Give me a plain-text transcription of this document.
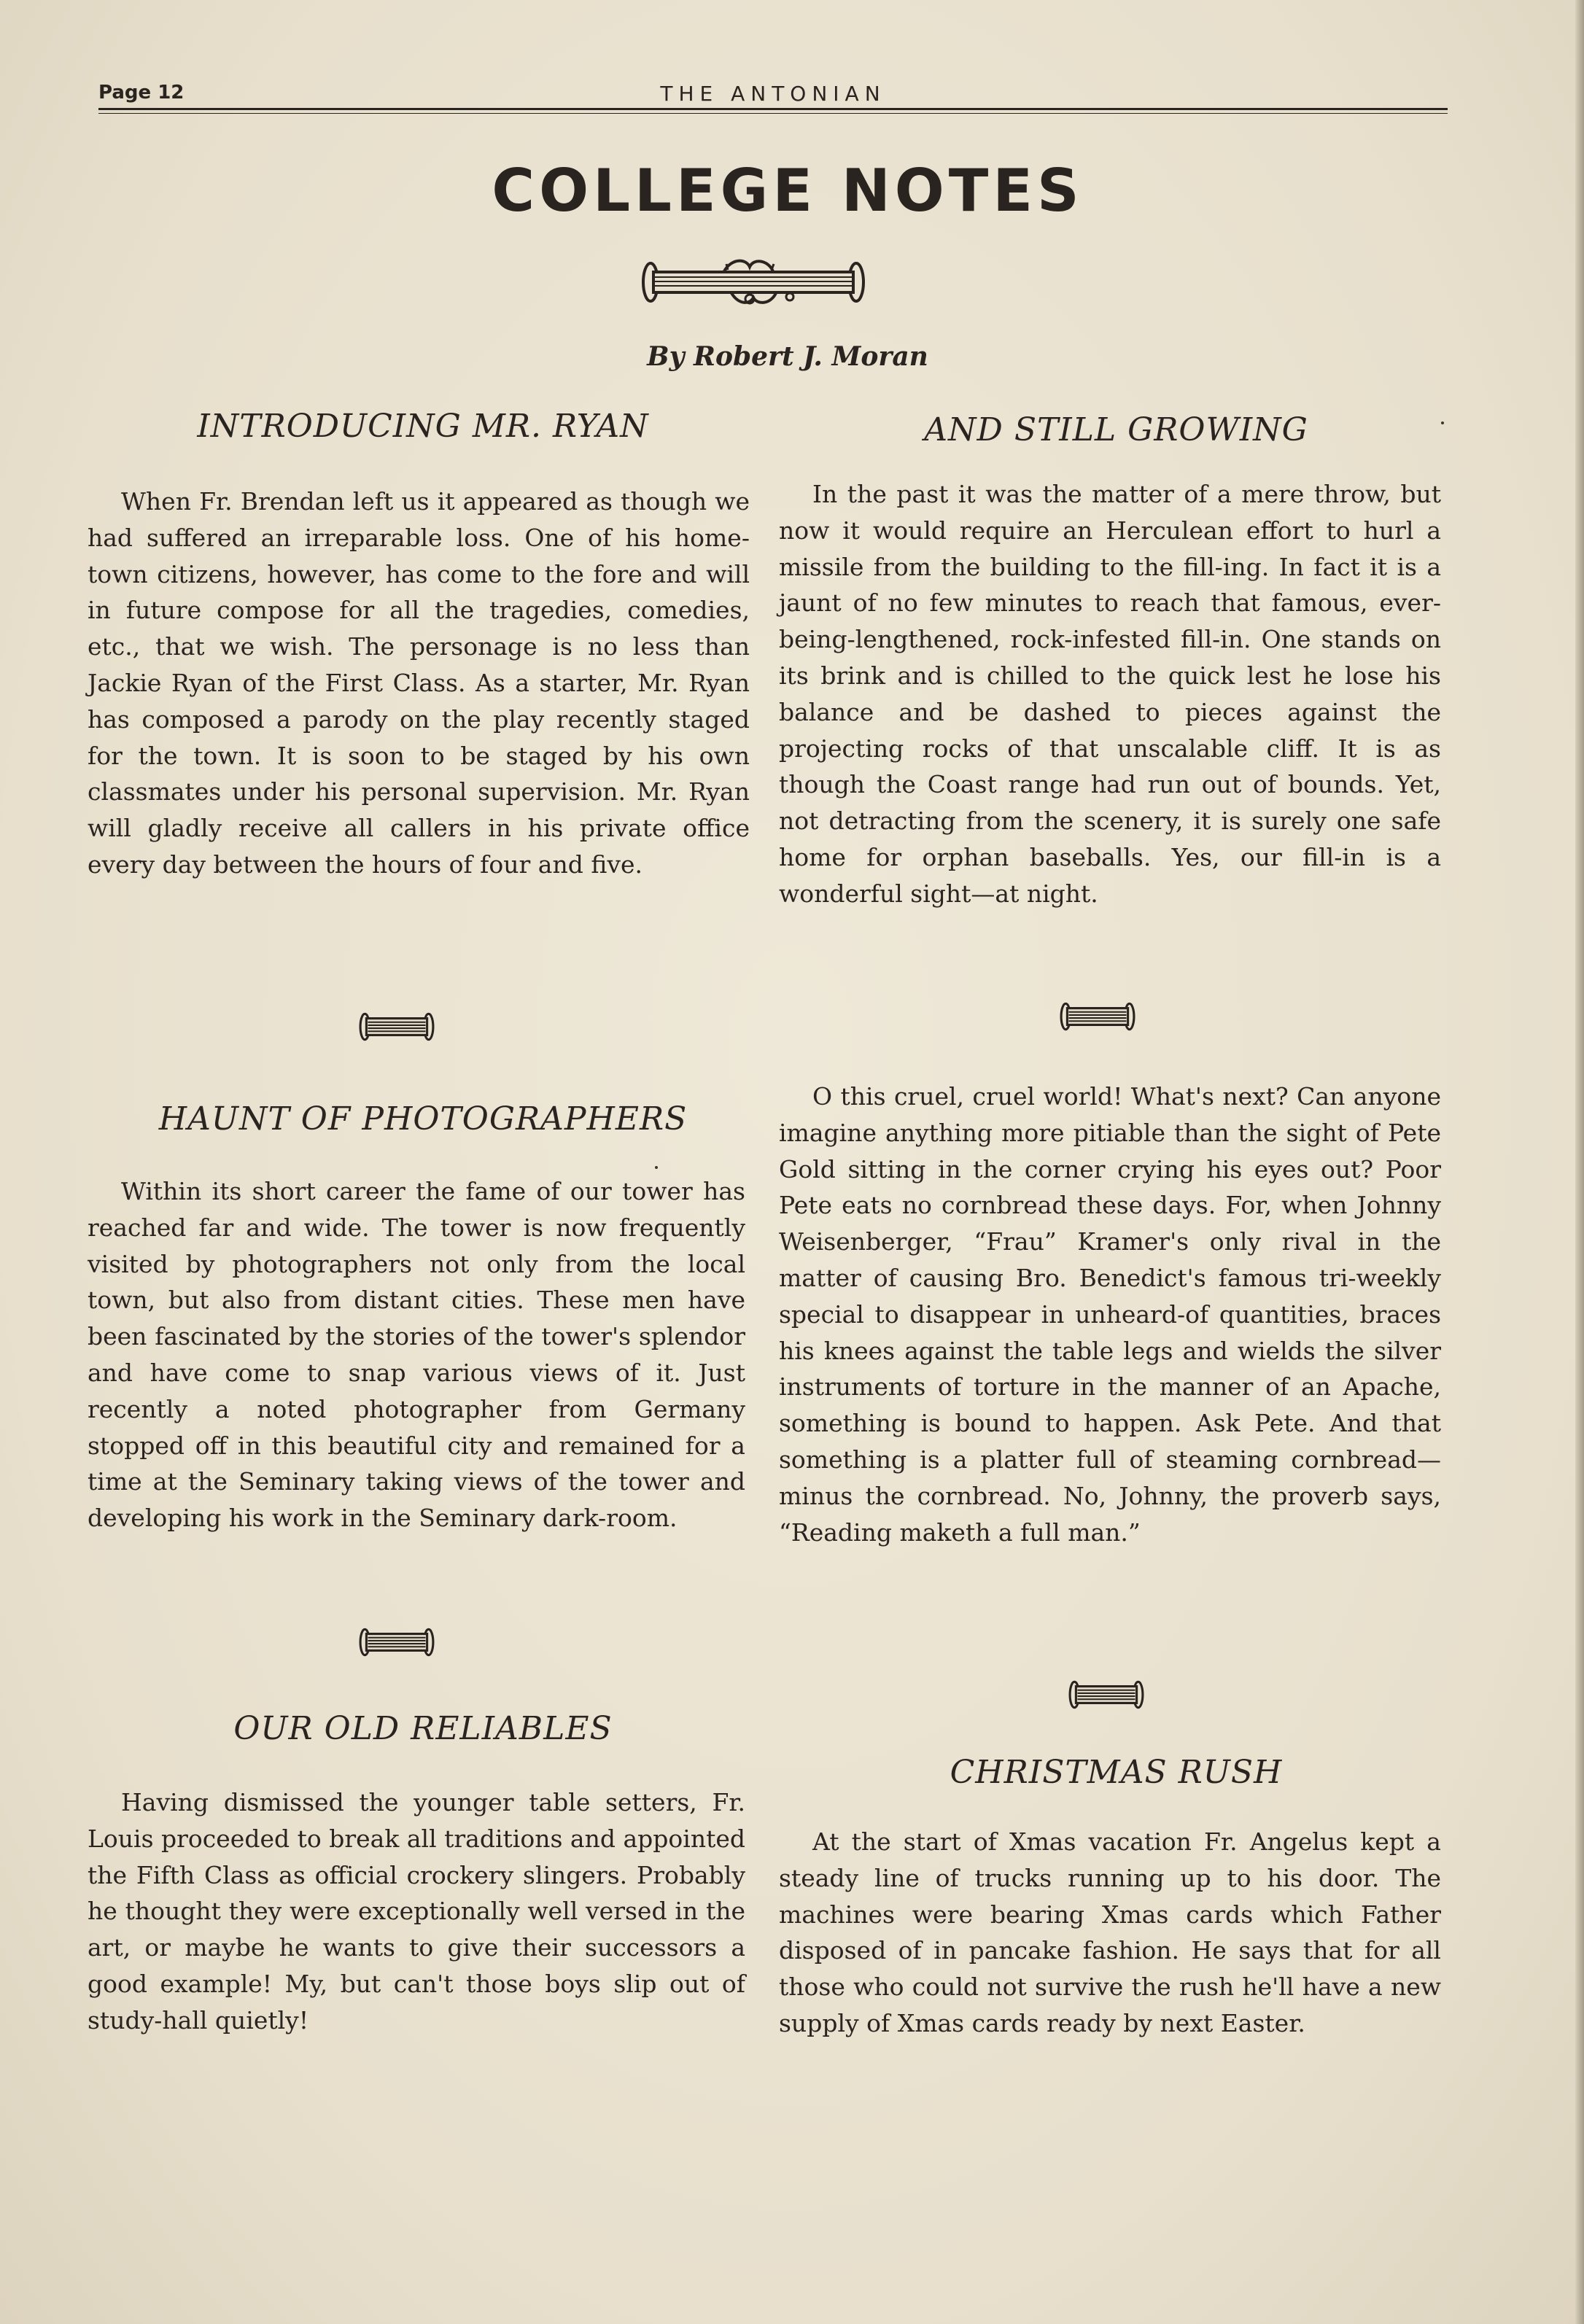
Page 12	THE ANTONIAN
COLLEGE NOTES
By Robert J. Moran
INTRODUCING MR. RYAN

When Fr. Brendan left us it appeared as though we had suffered an irreparable loss. One of his home-town citizens, however, has come to the fore and will in future compose for all the tragedies, comedies, etc., that we wish. The personage is no less than Jackie Ryan of the First Class. As a starter, Mr. Ryan has composed a parody on the play recently staged for the town. It is soon to be staged by his own classmates under his personal supervision. Mr. Ryan will gladly receive all callers in his private office every day between the hours of four and five.

HAUNT OF PHOTOGRAPHERS

Within its short career the fame of our tower has reached far and wide. The tower is now frequently visited by photographers not only from the local town, but also from distant cities. These men have been fascinated by the stories of the tower's splendor and have come to snap various views of it. Just recently a noted photographer from Germany stopped off in this beautiful city and remained for a time at the Seminary taking views of the tower and developing his work in the Seminary dark-room.

OUR OLD RELIABLES

Having dismissed the younger table setters, Fr. Louis proceeded to break all traditions and appointed the Fifth Class as official crockery slingers. Probably he thought they were exceptionally well versed in the art, or maybe he wants to give their successors a good example! My, but can't those boys slip out of study-hall quietly!

AND STILL GROWING

In the past it was the matter of a mere throw, but now it would require an Herculean effort to hurl a missile from the building to the fill-ing. In fact it is a jaunt of no few minutes to reach that famous, ever-being-lengthened, rock-infested fill-in. One stands on its brink and is chilled to the quick lest he lose his balance and be dashed to pieces against the projecting rocks of that unscalable cliff. It is as though the Coast range had run out of bounds. Yet, not detracting from the scenery, it is surely one safe home for orphan baseballs. Yes, our fill-in is a wonderful sight—at night.

O this cruel, cruel world! What's next? Can anyone imagine anything more pitiable than the sight of Pete Gold sitting in the corner crying his eyes out? Poor Pete eats no cornbread these days. For, when Johnny Weisenberger, “Frau” Kramer's only rival in the matter of causing Bro. Benedict's famous tri-weekly special to disappear in unheard-of quantities, braces his knees against the table legs and wields the silver instruments of torture in the manner of an Apache, something is bound to happen. Ask Pete. And that something is a platter full of steaming cornbread—minus the cornbread. No, Johnny, the proverb says, “Reading maketh a full man.”

CHRISTMAS RUSH

At the start of Xmas vacation Fr. Angelus kept a steady line of trucks running up to his door. The machines were bearing Xmas cards which Father disposed of in pancake fashion. He says that for all those who could not survive the rush he'll have a new supply of Xmas cards ready by next Easter.
